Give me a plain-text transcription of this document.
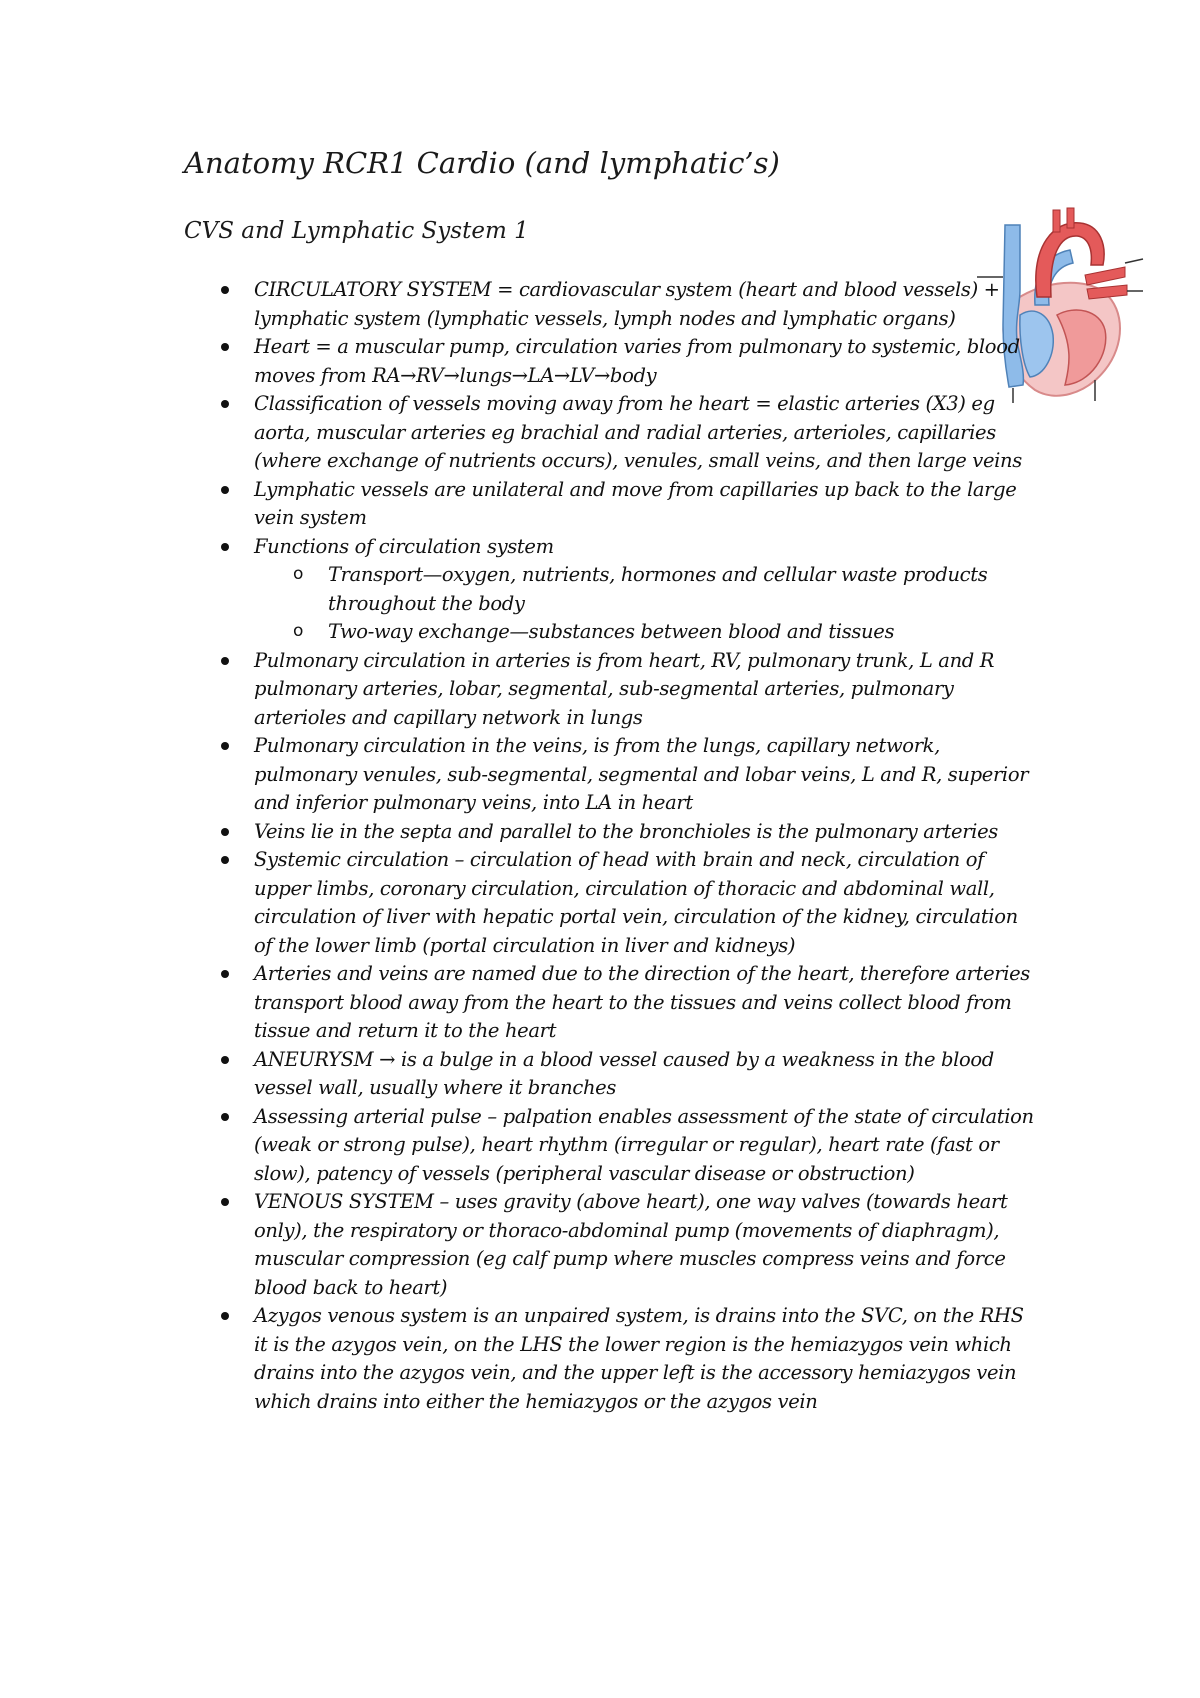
Anatomy RCR1 Cardio (and lymphatic’s)
CVS and Lymphatic System 1
CIRCULATORY SYSTEM = cardiovascular system (heart and blood vessels) + lymphatic system (lymphatic vessels, lymph nodes and lymphatic organs)
Heart = a muscular pump, circulation varies from pulmonary to systemic, blood moves from RA→RV→lungs→LA→LV→body
Classification of vessels moving away from he heart = elastic arteries (X3) eg aorta, muscular arteries eg brachial and radial arteries, arterioles, capillaries (where exchange of nutrients occurs), venules, small veins, and then large veins
Lymphatic vessels are unilateral and move from capillaries up back to the large vein system
Functions of circulation system
o Transport—oxygen, nutrients, hormones and cellular waste products throughout the body
o Two-way exchange—substances between blood and tissues
Pulmonary circulation in arteries is from heart, RV, pulmonary trunk, L and R pulmonary arteries, lobar, segmental, sub-segmental arteries, pulmonary arterioles and capillary network in lungs
Pulmonary circulation in the veins, is from the lungs, capillary network, pulmonary venules, sub-segmental, segmental and lobar veins, L and R, superior and inferior pulmonary veins, into LA in heart
Veins lie in the septa and parallel to the bronchioles is the pulmonary arteries
Systemic circulation – circulation of head with brain and neck, circulation of upper limbs, coronary circulation, circulation of thoracic and abdominal wall, circulation of liver with hepatic portal vein, circulation of the kidney, circulation of the lower limb (portal circulation in liver and kidneys)
Arteries and veins are named due to the direction of the heart, therefore arteries transport blood away from the heart to the tissues and veins collect blood from tissue and return it to the heart
ANEURYSM → is a bulge in a blood vessel caused by a weakness in the blood vessel wall, usually where it branches
Assessing arterial pulse – palpation enables assessment of the state of circulation (weak or strong pulse), heart rhythm (irregular or regular), heart rate (fast or slow), patency of vessels (peripheral vascular disease or obstruction)
VENOUS SYSTEM – uses gravity (above heart), one way valves (towards heart only), the respiratory or thoraco-abdominal pump (movements of diaphragm), muscular compression (eg calf pump where muscles compress veins and force blood back to heart)
Azygos venous system is an unpaired system, is drains into the SVC, on the RHS it is the azygos vein, on the LHS the lower region is the hemiazygos vein which drains into the azygos vein, and the upper left is the accessory hemiazygos vein which drains into either the hemiazygos or the azygos vein
